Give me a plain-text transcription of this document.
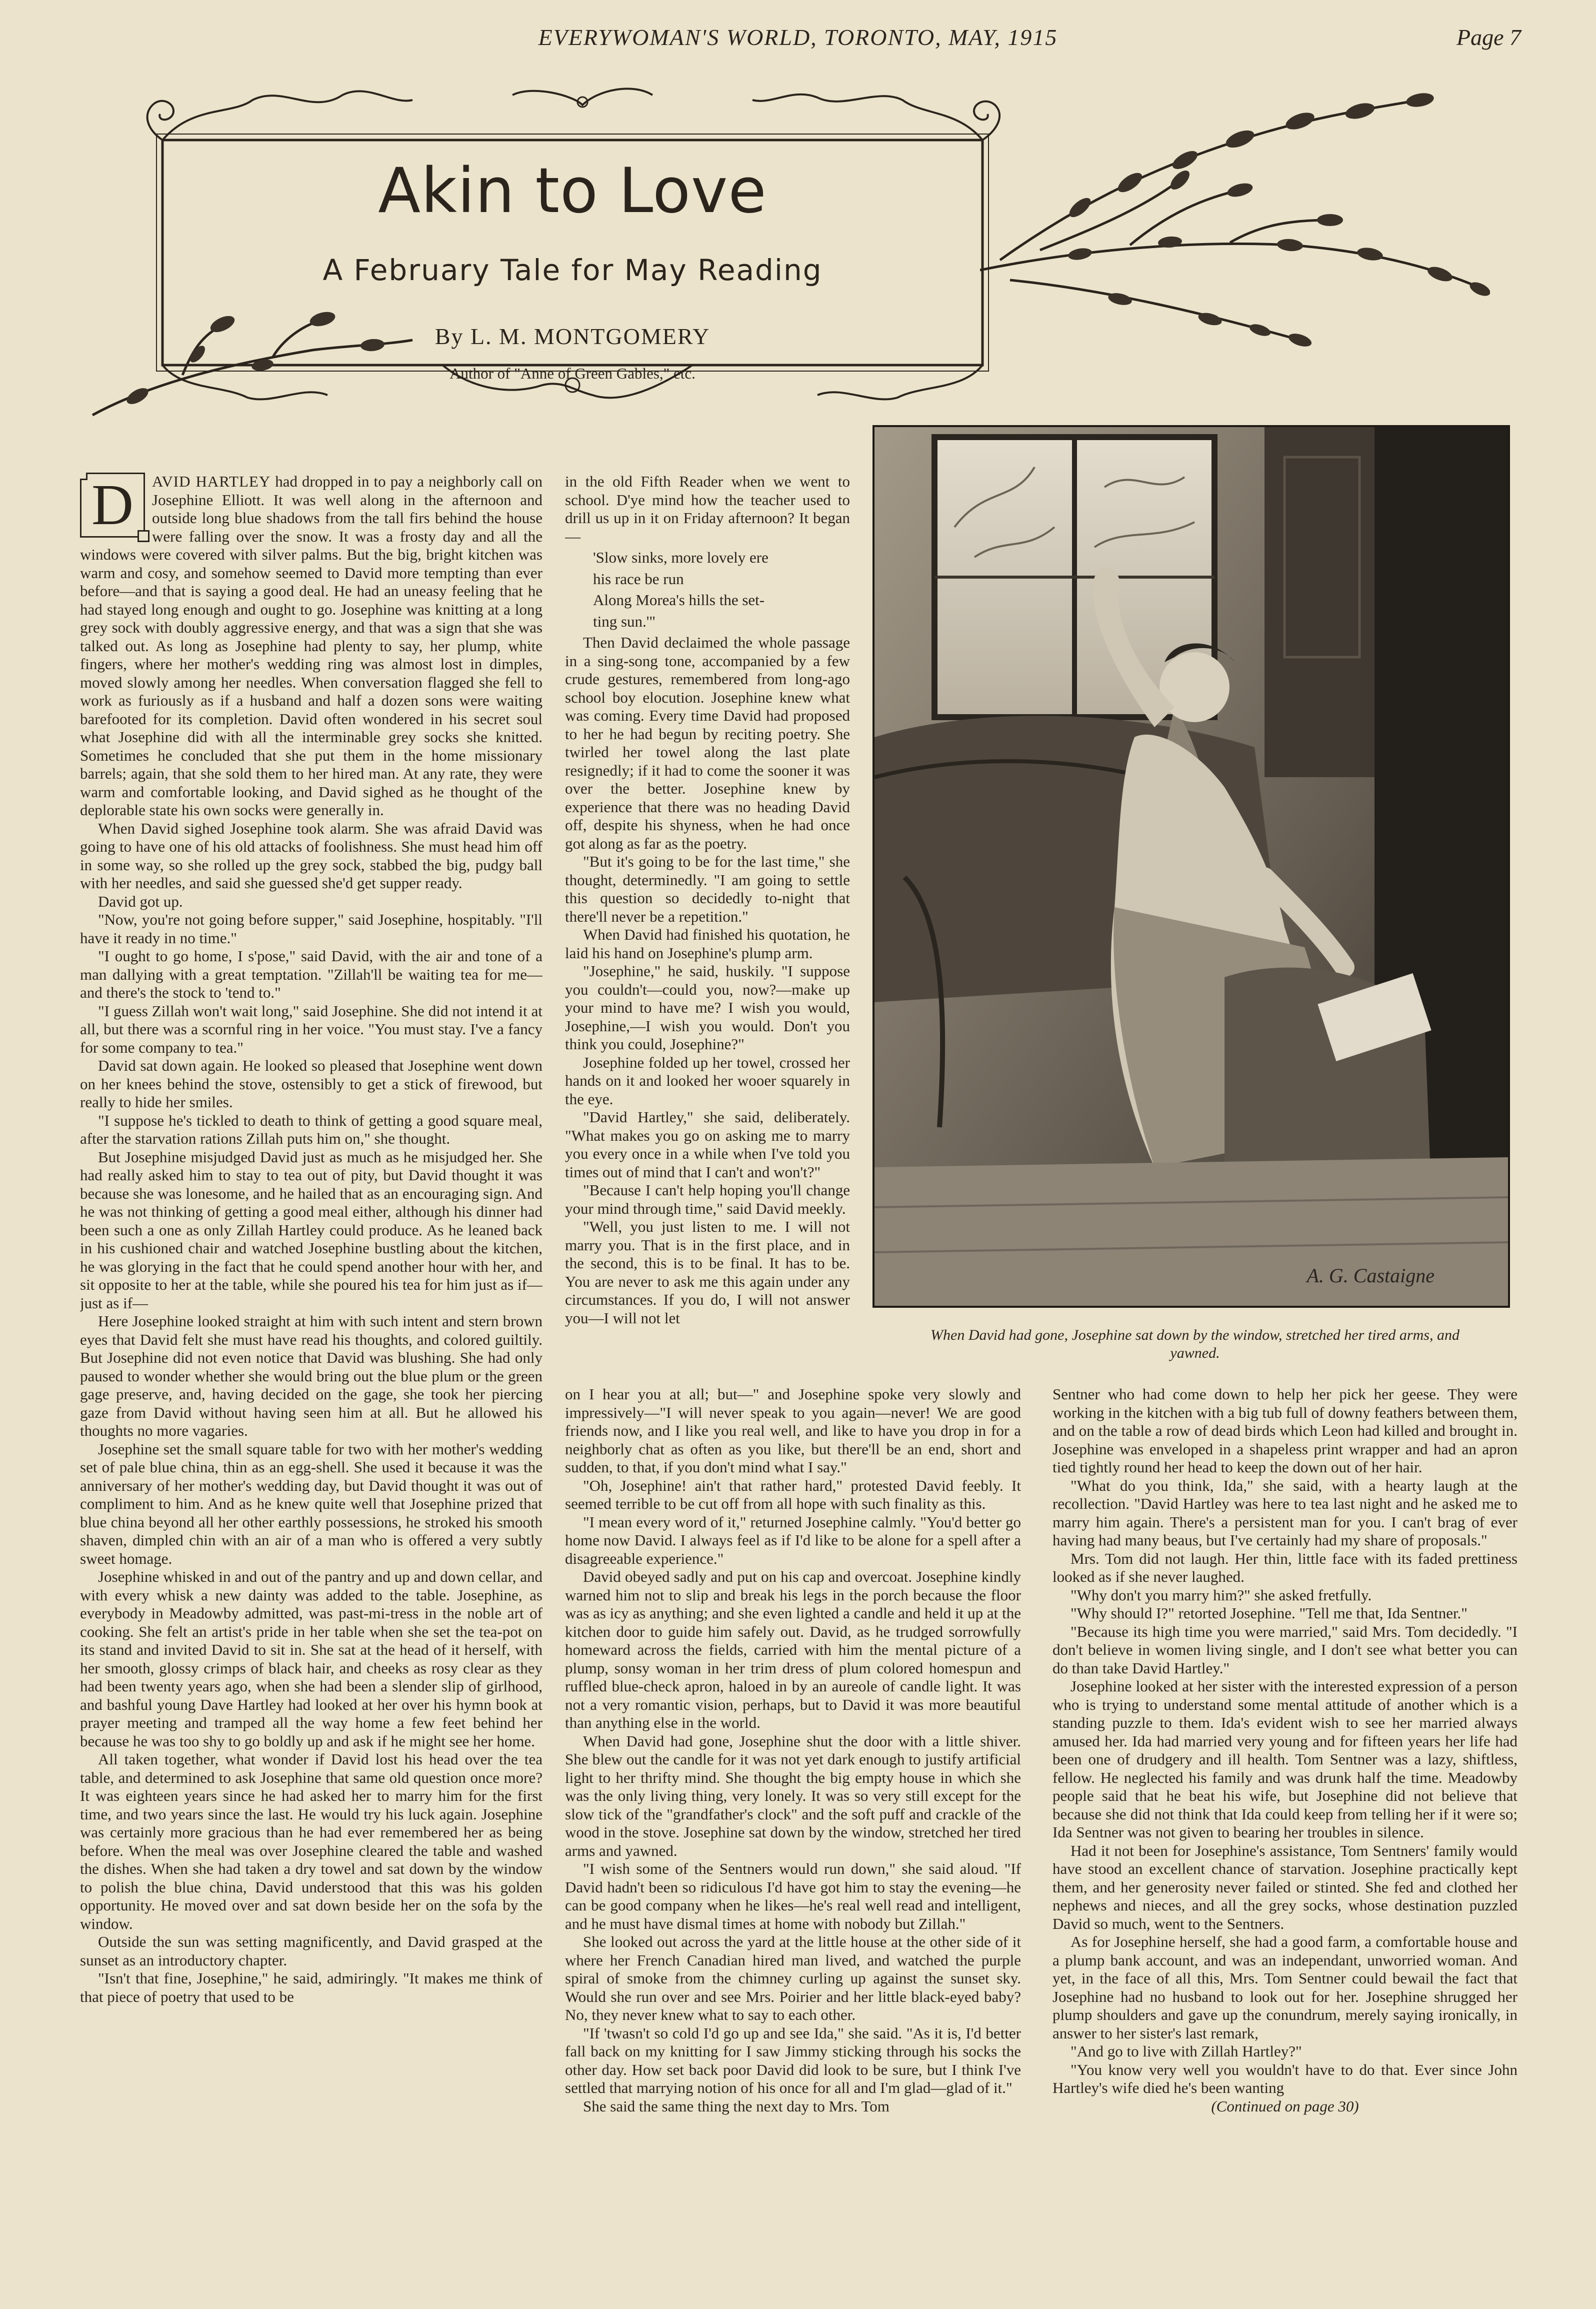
EVERYWOMAN'S WORLD, TORONTO, MAY, 1915	Page 7
Akin to Love
A February Tale for May Reading
By L. M. MONTGOMERY
Author of "Anne of Green Gables," etc.

D	AVID HARTLEY had dropped in to pay a neighborly call on Josephine Elliott. It was well along in the afternoon and outside long blue shadows from the tall firs behind the house were falling over the snow. It was a frosty day and all the windows were covered with silver palms. But the big, bright kitchen was warm and cosy, and somehow seemed to David more tempting than ever before—and that is saying a good deal. He had an uneasy feeling that he had stayed long enough and ought to go. Josephine was knitting at a long grey sock with doubly aggressive energy, and that was a sign that she was talked out. As long as Josephine had plenty to say, her plump, white fingers, where her mother's wedding ring was almost lost in dimples, moved slowly among her needles. When conversation flagged she fell to work as furiously as if a husband and half a dozen sons were waiting barefooted for its completion. David often wondered in his secret soul what Josephine did with all the interminable grey socks she knitted. Sometimes he concluded that she put them in the home missionary barrels; again, that she sold them to her hired man. At any rate, they were warm and comfortable looking, and David sighed as he thought of the deplorable state his own socks were generally in.

When David sighed Josephine took alarm. She was afraid David was going to have one of his old attacks of foolishness. She must head him off in some way, so she rolled up the grey sock, stabbed the big, pudgy ball with her needles, and said she guessed she'd get supper ready.

David got up.

"Now, you're not going before supper," said Josephine, hospitably. "I'll have it ready in no time."

"I ought to go home, I s'pose," said David, with the air and tone of a man dallying with a great temptation. "Zillah'll be waiting tea for me—and there's the stock to 'tend to."

"I guess Zillah won't wait long," said Josephine. She did not intend it at all, but there was a scornful ring in her voice. "You must stay. I've a fancy for some company to tea."

David sat down again. He looked so pleased that Josephine went down on her knees behind the stove, ostensibly to get a stick of firewood, but really to hide her smiles.

"I suppose he's tickled to death to think of getting a good square meal, after the starvation rations Zillah puts him on," she thought.

But Josephine misjudged David just as much as he misjudged her. She had really asked him to stay to tea out of pity, but David thought it was because she was lonesome, and he hailed that as an encouraging sign. And he was not thinking of getting a good meal either, although his dinner had been such a one as only Zillah Hartley could produce. As he leaned back in his cushioned chair and watched Josephine bustling about the kitchen, he was glorying in the fact that he could spend another hour with her, and sit opposite to her at the table, while she poured his tea for him just as if—just as if—

Here Josephine looked straight at him with such intent and stern brown eyes that David felt she must have read his thoughts, and colored guiltily. But Josephine did not even notice that David was blushing. She had only paused to wonder whether she would bring out the blue plum or the green gage preserve, and, having decided on the gage, she took her piercing gaze from David without having seen him at all. But he allowed his thoughts no more vagaries.

Josephine set the small square table for two with her mother's wedding set of pale blue china, thin as an egg-shell. She used it because it was the anniversary of her mother's wedding day, but David thought it was out of compliment to him. And as he knew quite well that Josephine prized that blue china beyond all her other earthly possessions, he stroked his smooth shaven, dimpled chin with an air of a man who is offered a very subtly sweet homage.

Josephine whisked in and out of the pantry and up and down cellar, and with every whisk a new dainty was added to the table. Josephine, as everybody in Meadowby admitted, was past-mi-tress in the noble art of cooking. She felt an artist's pride in her table when she set the tea-pot on its stand and invited David to sit in. She sat at the head of it herself, with her smooth, glossy crimps of black hair, and cheeks as rosy clear as they had been twenty years ago, when she had been a slender slip of girlhood, and bashful young Dave Hartley had looked at her over his hymn book at prayer meeting and tramped all the way home a few feet behind her because he was too shy to go boldly up and ask if he might see her home.

All taken together, what wonder if David lost his head over the tea table, and determined to ask Josephine that same old question once more? It was eighteen years since he had asked her to marry him for the first time, and two years since the last. He would try his luck again. Josephine was certainly more gracious than he had ever remembered her as being before. When the meal was over Josephine cleared the table and washed the dishes. When she had taken a dry towel and sat down by the window to polish the blue china, David understood that this was his golden opportunity. He moved over and sat down beside her on the sofa by the window.

Outside the sun was setting magnificently, and David grasped at the sunset as an introductory chapter.

"Isn't that fine, Josephine," he said, admiringly. "It makes me think of that piece of poetry that used to be

in the old Fifth Reader when we went to school. D'ye mind how the teacher used to drill us up in it on Friday afternoon? It began—

'Slow sinks, more lovely ere
his race be run
Along Morea's hills the set-
ting sun.'"

Then David declaimed the whole passage in a sing-song tone, accompanied by a few crude gestures, remembered from long-ago school boy elocution. Josephine knew what was coming. Every time David had proposed to her he had begun by reciting poetry. She twirled her towel along the last plate resignedly; if it had to come the sooner it was over the better. Josephine knew by experience that there was no heading David off, despite his shyness, when he had once got along as far as the poetry.

"But it's going to be for the last time," she thought, determinedly. "I am going to settle this question so decidedly to-night that there'll never be a repetition."

When David had finished his quotation, he laid his hand on Josephine's plump arm.

"Josephine," he said, huskily. "I suppose you couldn't—could you, now?—make up your mind to have me? I wish you would, Josephine,—I wish you would. Don't you think you could, Josephine?"

Josephine folded up her towel, crossed her hands on it and looked her wooer squarely in the eye.

"David Hartley," she said, deliberately. "What makes you go on asking me to marry you every once in a while when I've told you times out of mind that I can't and won't?"

"Because I can't help hoping you'll change your mind through time," said David meekly.

"Well, you just listen to me. I will not marry you. That is in the first place, and in the second, this is to be final. It has to be. You are never to ask me this again under any circumstances. If you do, I will not answer you—I will not let

A. G. Castaigne
When David had gone, Josephine sat down by the window, stretched her tired arms, and yawned.

on I hear you at all; but—" and Josephine spoke very slowly and impressively—"I will never speak to you again—never! We are good friends now, and I like you real well, and like to have you drop in for a neighborly chat as often as you like, but there'll be an end, short and sudden, to that, if you don't mind what I say."

"Oh, Josephine! ain't that rather hard," protested David feebly. It seemed terrible to be cut off from all hope with such finality as this.

"I mean every word of it," returned Josephine calmly. "You'd better go home now David. I always feel as if I'd like to be alone for a spell after a disagreeable experience."

David obeyed sadly and put on his cap and overcoat. Josephine kindly warned him not to slip and break his legs in the porch because the floor was as icy as anything; and she even lighted a candle and held it up at the kitchen door to guide him safely out. David, as he trudged sorrowfully homeward across the fields, carried with him the mental picture of a plump, sonsy woman in her trim dress of plum colored homespun and ruffled blue-check apron, haloed in by an aureole of candle light. It was not a very romantic vision, perhaps, but to David it was more beautiful than anything else in the world.

When David had gone, Josephine shut the door with a little shiver. She blew out the candle for it was not yet dark enough to justify artificial light to her thrifty mind. She thought the big empty house in which she was the only living thing, very lonely. It was so very still except for the slow tick of the "grandfather's clock" and the soft puff and crackle of the wood in the stove. Josephine sat down by the window, stretched her tired arms and yawned.

"I wish some of the Sentners would run down," she said aloud. "If David hadn't been so ridiculous I'd have got him to stay the evening—he can be good company when he likes—he's real well read and intelligent, and he must have dismal times at home with nobody but Zillah."

She looked out across the yard at the little house at the other side of it where her French Canadian hired man lived, and watched the purple spiral of smoke from the chimney curling up against the sunset sky. Would she run over and see Mrs. Poirier and her little black-eyed baby? No, they never knew what to say to each other.

"If 'twasn't so cold I'd go up and see Ida," she said. "As it is, I'd better fall back on my knitting for I saw Jimmy sticking through his socks the other day. How set back poor David did look to be sure, but I think I've settled that marrying notion of his once for all and I'm glad—glad of it."

She said the same thing the next day to Mrs. Tom

Sentner who had come down to help her pick her geese. They were working in the kitchen with a big tub full of downy feathers between them, and on the table a row of dead birds which Leon had killed and brought in. Josephine was enveloped in a shapeless print wrapper and had an apron tied tightly round her head to keep the down out of her hair.

"What do you think, Ida," she said, with a hearty laugh at the recollection. "David Hartley was here to tea last night and he asked me to marry him again. There's a persistent man for you. I can't brag of ever having had many beaus, but I've certainly had my share of proposals."

Mrs. Tom did not laugh. Her thin, little face with its faded prettiness looked as if she never laughed.

"Why don't you marry him?" she asked fretfully.

"Why should I?" retorted Josephine. "Tell me that, Ida Sentner."

"Because its high time you were married," said Mrs. Tom decidedly. "I don't believe in women living single, and I don't see what better you can do than take David Hartley."

Josephine looked at her sister with the interested expression of a person who is trying to understand some mental attitude of another which is a standing puzzle to them. Ida's evident wish to see her married always amused her. Ida had married very young and for fifteen years her life had been one of drudgery and ill health. Tom Sentner was a lazy, shiftless, fellow. He neglected his family and was drunk half the time. Meadowby people said that he beat his wife, but Josephine did not believe that because she did not think that Ida could keep from telling her if it were so; Ida Sentner was not given to bearing her troubles in silence.

Had it not been for Josephine's assistance, Tom Sentners' family would have stood an excellent chance of starvation. Josephine practically kept them, and her generosity never failed or stinted. She fed and clothed her nephews and nieces, and all the grey socks, whose destination puzzled David so much, went to the Sentners.

As for Josephine herself, she had a good farm, a comfortable house and a plump bank account, and was an independant, unworried woman. And yet, in the face of all this, Mrs. Tom Sentner could bewail the fact that Josephine had no husband to look out for her. Josephine shrugged her plump shoulders and gave up the conundrum, merely saying ironically, in answer to her sister's last remark,

"And go to live with Zillah Hartley?"

"You know very well you wouldn't have to do that. Ever since John Hartley's wife died he's been wanting

(Continued on page 30)
